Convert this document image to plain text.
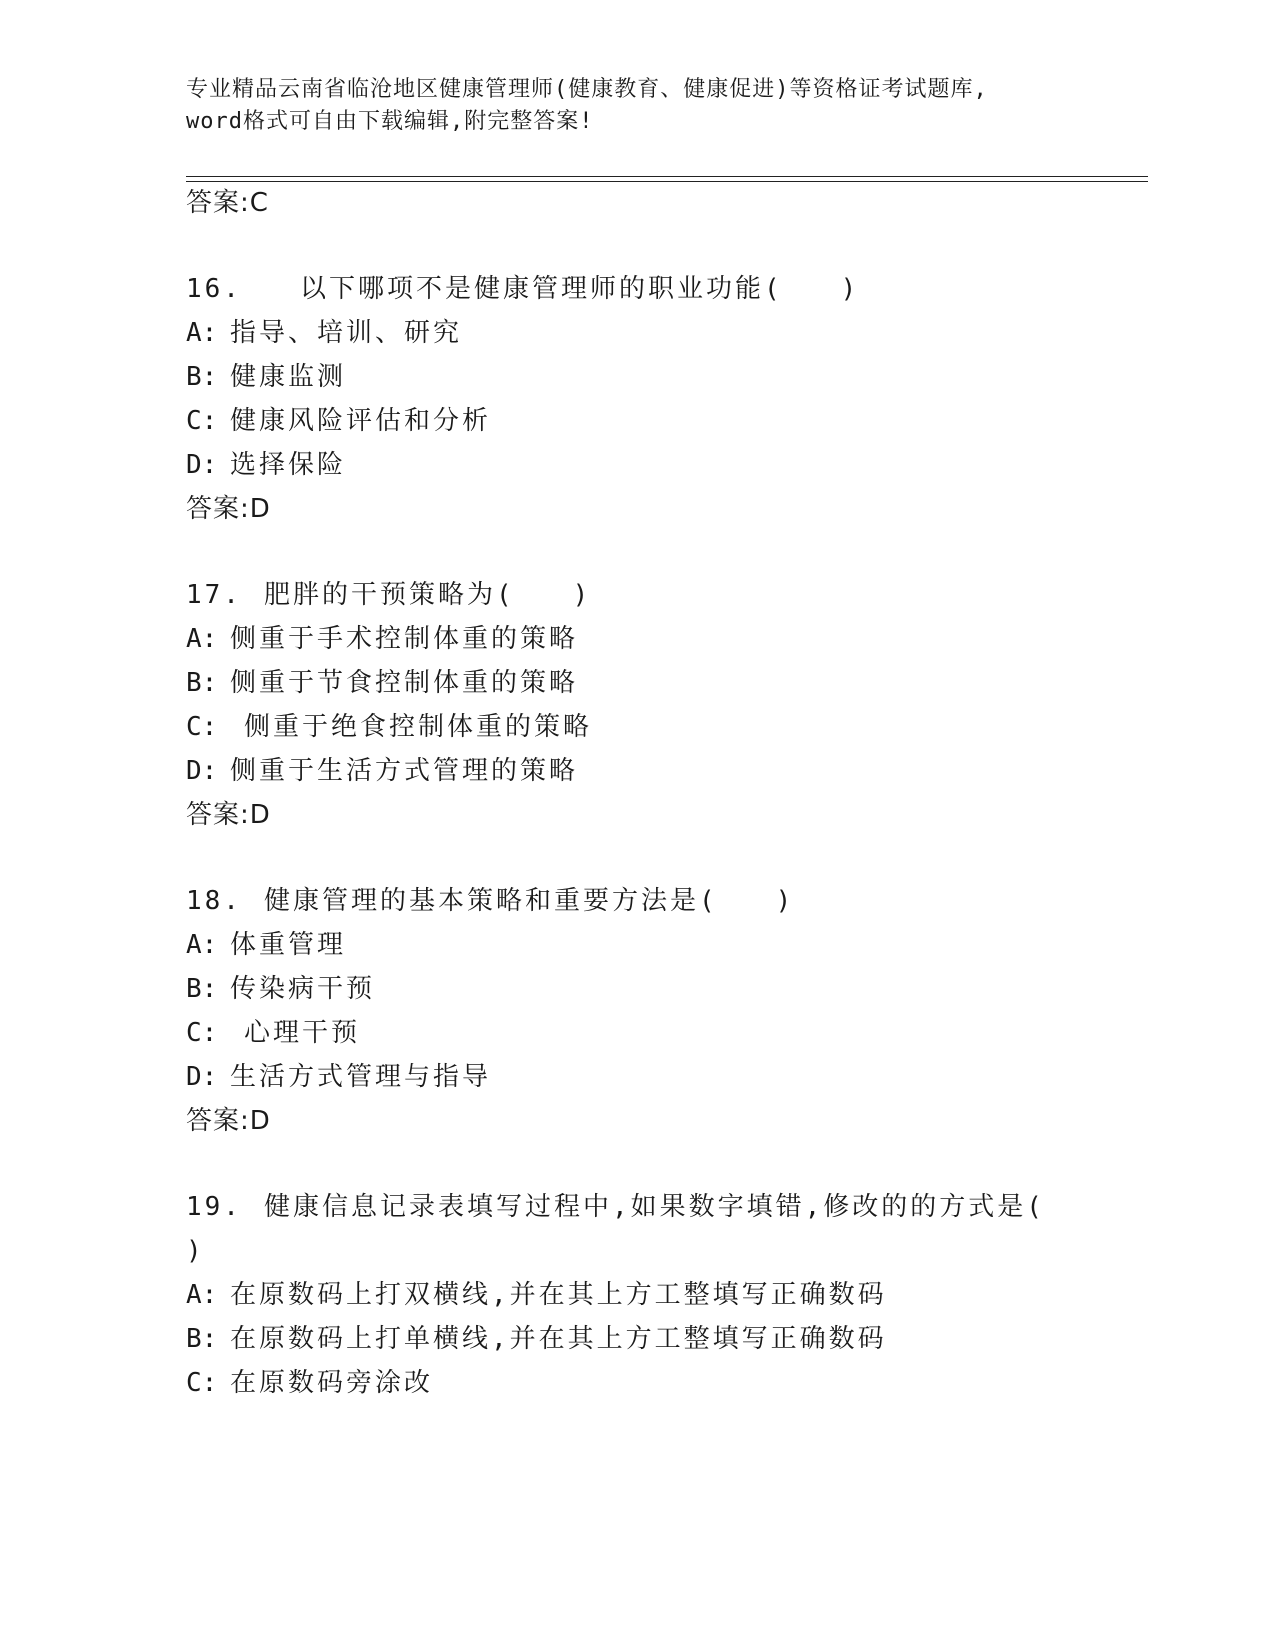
专业精品云南省临沧地区健康管理师(健康教育、健康促进)等资格证考试题库,
word格式可自由下载编辑,附完整答案!
答案:C
16. 以下哪项不是健康管理师的职业功能(　　)
A: 指导、培训、研究
B: 健康监测
C: 健康风险评估和分析
D: 选择保险
答案:D
17. 肥胖的干预策略为(　　)
A: 侧重于手术控制体重的策略
B: 侧重于节食控制体重的策略
C: 侧重于绝食控制体重的策略
D: 侧重于生活方式管理的策略
答案:D
18. 健康管理的基本策略和重要方法是(　　)
A: 体重管理
B: 传染病干预
C: 心理干预
D: 生活方式管理与指导
答案:D
19. 健康信息记录表填写过程中,如果数字填错,修改的的方式是(
)
A: 在原数码上打双横线,并在其上方工整填写正确数码
B: 在原数码上打单横线,并在其上方工整填写正确数码
C: 在原数码旁涂改
